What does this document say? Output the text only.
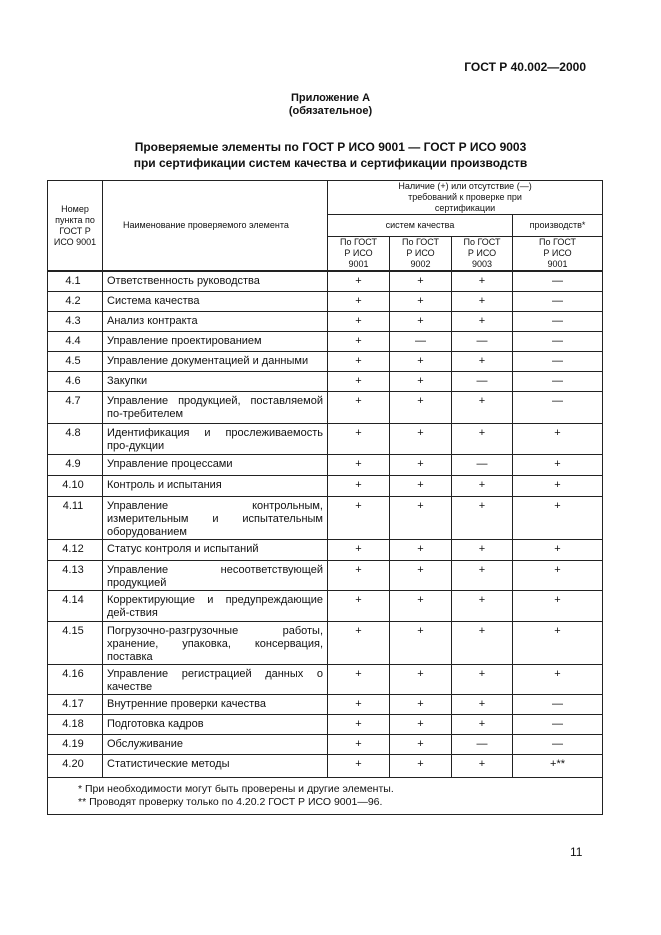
ГОСТ Р 40.002—2000
Приложение А
(обязательное)
Проверяемые элементы по ГОСТ Р ИСО 9001 — ГОСТ Р ИСО 9003
при сертификации систем качества и сертификации производств
Номер пункта по ГОСТ Р ИСО 9001	Наименование проверяемого элемента	Наличие (+) или отсутствие (—) требований к проверке при сертификации			
		систем качества			производств*
		По ГОСТ Р ИСО 9001	По ГОСТ Р ИСО 9002	По ГОСТ Р ИСО 9003	По ГОСТ Р ИСО 9001
4.1	Ответственность руководства	+	+	+	—
4.2	Система качества	+	+	+	—
4.3	Анализ контракта	+	+	+	—
4.4	Управление проектированием	+	—	—	—
4.5	Управление документацией и данными	+	+	+	—
4.6	Закупки	+	+	—	—
4.7	Управление продукцией, поставляемой по-требителем	+	+	+	—
4.8	Идентификация и прослеживаемость про-дукции	+	+	+	+
4.9	Управление процессами	+	+	—	+
4.10	Контроль и испытания	+	+	+	+
4.11	Управление контрольным, измерительным и испытательным оборудованием	+	+	+	+
4.12	Статус контроля и испытаний	+	+	+	+
4.13	Управление несоответствующей продукцией	+	+	+	+
4.14	Корректирующие и предупреждающие дей-ствия	+	+	+	+
4.15	Погрузочно-разгрузочные работы, хранение, упаковка, консервация, поставка	+	+	+	+
4.16	Управление регистрацией данных о качестве	+	+	+	+
4.17	Внутренние проверки качества	+	+	+	—
4.18	Подготовка кадров	+	+	+	—
4.19	Обслуживание	+	+	—	—
4.20	Статистические методы	+	+	+	+**

* При необходимости могут быть проверены и другие элементы.
** Проводят проверку только по 4.20.2 ГОСТ Р ИСО 9001—96.					
11
